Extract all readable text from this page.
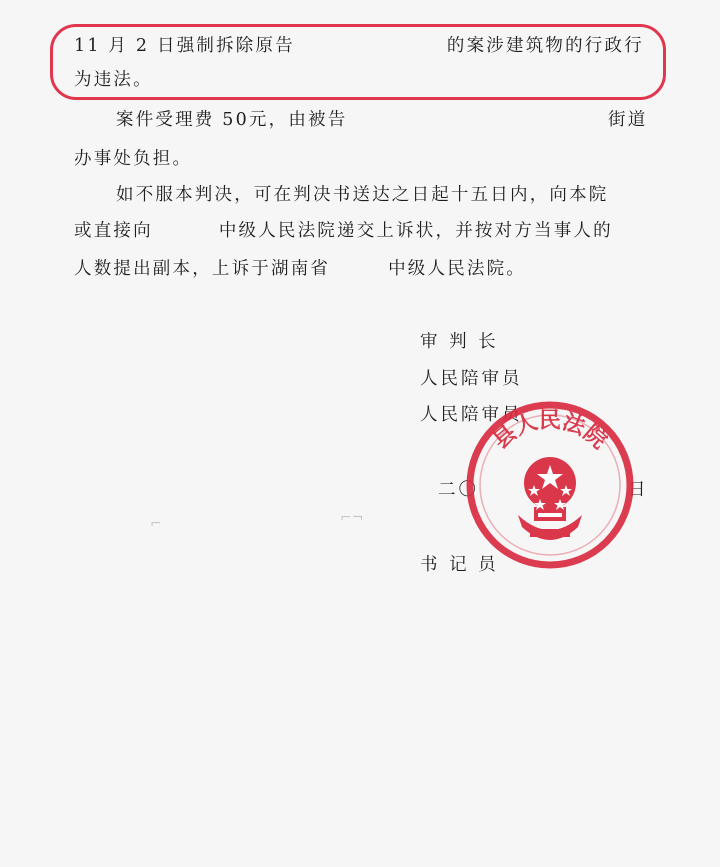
11 月 2 日强制拆除原告	的案涉建筑物的行政行
为违法。
案件受理费 50元，由被告	街道
办事处负担。
如不服本判决，可在判决书送达之日起十五日内，向本院
或直接向	中级人民法院递交上诉状，并按对方当事人的
人数提出副本，上诉于湖南省	中级人民法院。
审 判 长
人民陪审员
人民陪审员
二〇	日
书 记 员
⌐	⌐¬
县人民法院
